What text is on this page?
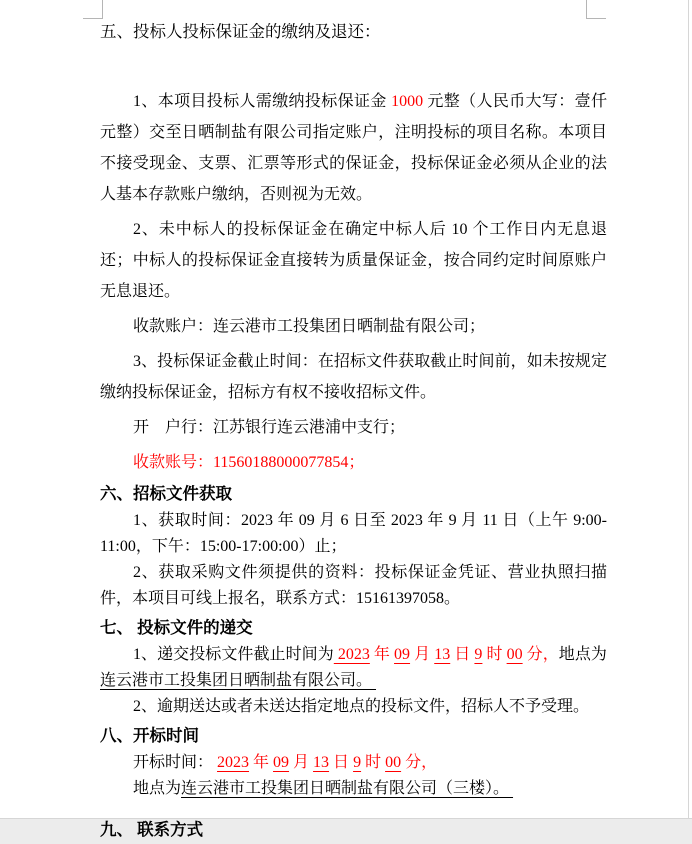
五、投标人投标保证金的缴纳及退还：

1、本项目投标人需缴纳投标保证金 1000 元整（人民币大写：壹仟元整）交至日晒制盐有限公司指定账户，注明投标的项目名称。本项目不接受现金、支票、汇票等形式的保证金，投标保证金必须从企业的法人基本存款账户缴纳，否则视为无效。

2、未中标人的投标保证金在确定中标人后 10 个工作日内无息退还；中标人的投标保证金直接转为质量保证金，按合同约定时间原账户无息退还。

收款账户：连云港市工投集团日晒制盐有限公司；

3、投标保证金截止时间：在招标文件获取截止时间前，如未按规定缴纳投标保证金，招标方有权不接收招标文件。

开　户行：江苏银行连云港浦中支行；

收款账号：11560188000077854；

六、招标文件获取

1、获取时间：2023 年 09 月 6 日至 2023 年 9 月 11 日（上午 9:00-11:00，下午：15:00-17:00:00）止；

2、获取采购文件须提供的资料：投标保证金凭证、营业执照扫描件，本项目可线上报名，联系方式：15161397058。

七、 投标文件的递交

1、递交投标文件截止时间为 2023 年 09 月 13 日 9 时 00 分，地点为连云港市工投集团日晒制盐有限公司。

2、逾期送达或者未送达指定地点的投标文件，招标人不予受理。

八、开标时间

开标时间： 2023 年 09 月 13 日 9 时 00 分，

地点为连云港市工投集团日晒制盐有限公司（三楼）。

九、 联系方式
